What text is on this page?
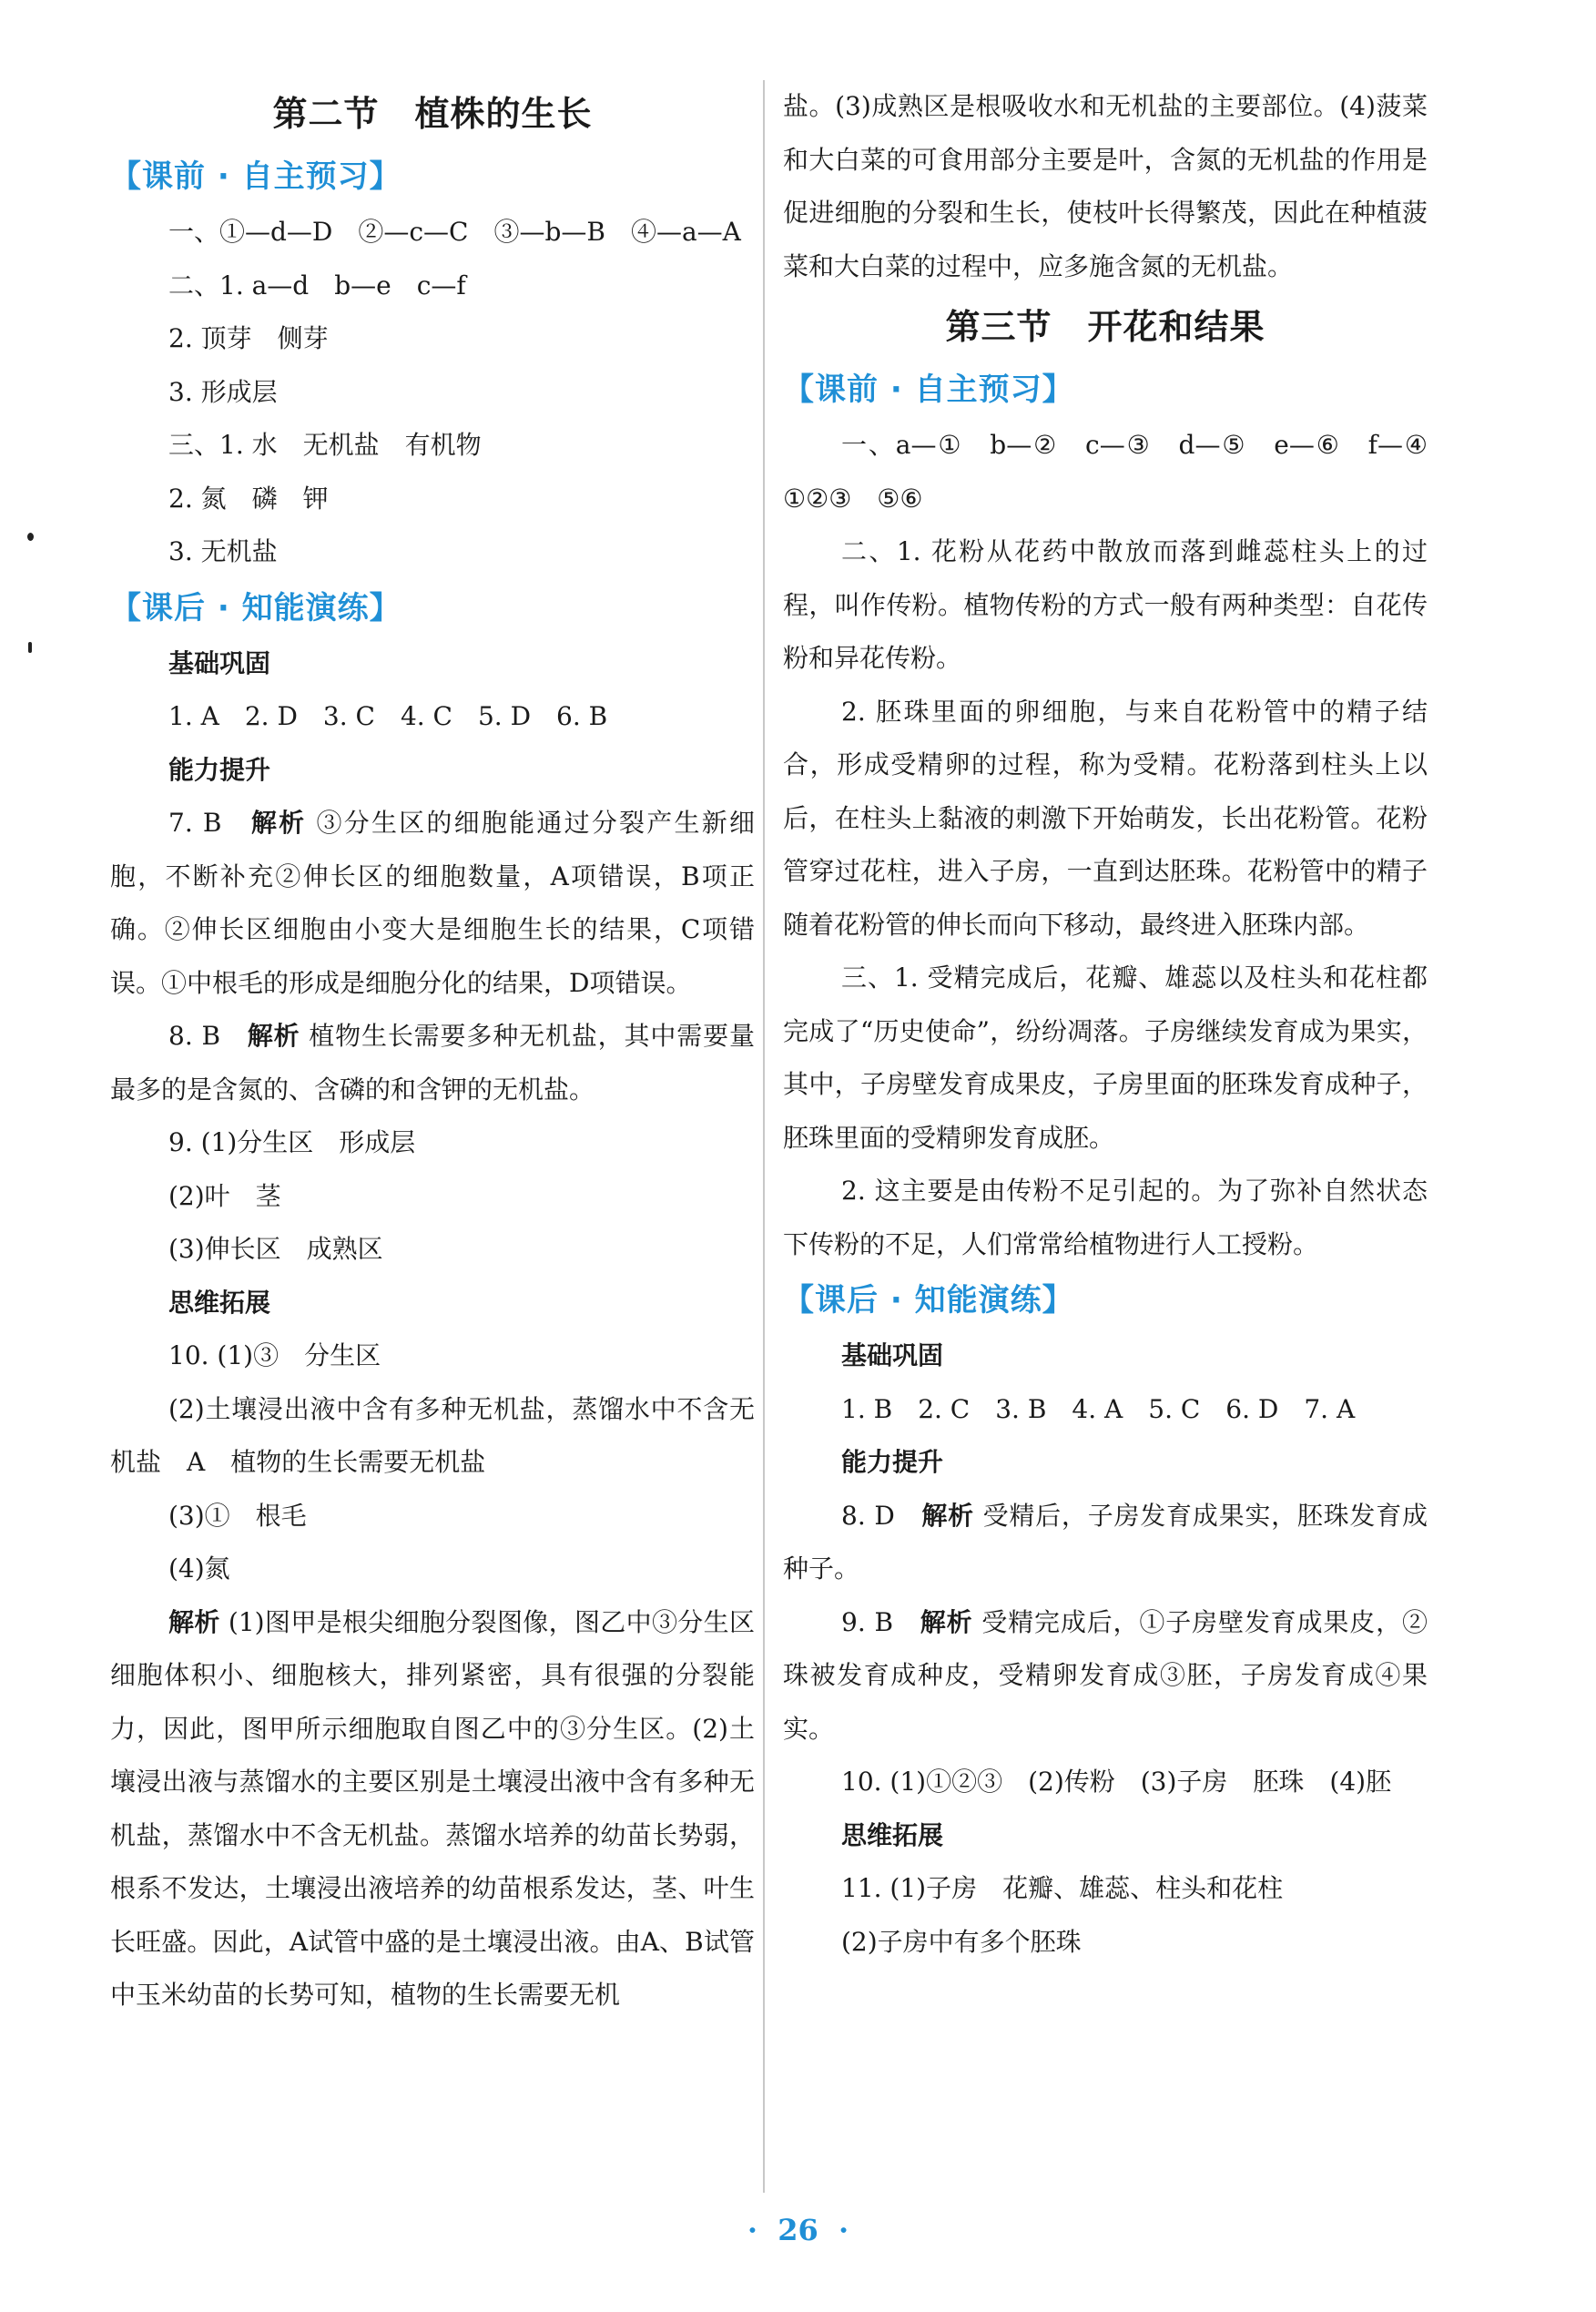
第二节　植株的生长
【课前 · 自主预习】
一、①—d—D　②—c—C　③—b—B　④—a—A
二、1. a—d　b—e　c—f
2. 顶芽　侧芽
3. 形成层
三、1. 水　无机盐　有机物
2. 氮　磷　钾
3. 无机盐
【课后 · 知能演练】
基础巩固
1. A　2. D　3. C　4. C　5. D　6. B
能力提升
7. B　解析 ③分生区的细胞能通过分裂产生新细胞，不断补充②伸长区的细胞数量，A项错误，B项正确。②伸长区细胞由小变大是细胞生长的结果，C项错误。①中根毛的形成是细胞分化的结果，D项错误。
8. B　解析 植物生长需要多种无机盐，其中需要量最多的是含氮的、含磷的和含钾的无机盐。
9. (1)分生区　形成层
(2)叶　茎
(3)伸长区　成熟区
思维拓展
10. (1)③　分生区
(2)土壤浸出液中含有多种无机盐，蒸馏水中不含无机盐　A　植物的生长需要无机盐
(3)①　根毛
(4)氮
解析 (1)图甲是根尖细胞分裂图像，图乙中③分生区细胞体积小、细胞核大，排列紧密，具有很强的分裂能力，因此，图甲所示细胞取自图乙中的③分生区。(2)土壤浸出液与蒸馏水的主要区别是土壤浸出液中含有多种无机盐，蒸馏水中不含无机盐。蒸馏水培养的幼苗长势弱，根系不发达，土壤浸出液培养的幼苗根系发达，茎、叶生长旺盛。因此，A试管中盛的是土壤浸出液。由A、B试管中玉米幼苗的长势可知，植物的生长需要无机
盐。(3)成熟区是根吸收水和无机盐的主要部位。(4)菠菜和大白菜的可食用部分主要是叶，含氮的无机盐的作用是促进细胞的分裂和生长，使枝叶长得繁茂，因此在种植菠菜和大白菜的过程中，应多施含氮的无机盐。
第三节　开花和结果
【课前 · 自主预习】
一、a—①　b—②　c—③　d—⑤　e—⑥　f—④　①②③　⑤⑥
二、1. 花粉从花药中散放而落到雌蕊柱头上的过程，叫作传粉。植物传粉的方式一般有两种类型：自花传粉和异花传粉。
2. 胚珠里面的卵细胞，与来自花粉管中的精子结合，形成受精卵的过程，称为受精。花粉落到柱头上以后，在柱头上黏液的刺激下开始萌发，长出花粉管。花粉管穿过花柱，进入子房，一直到达胚珠。花粉管中的精子随着花粉管的伸长而向下移动，最终进入胚珠内部。
三、1. 受精完成后，花瓣、雄蕊以及柱头和花柱都完成了“历史使命”，纷纷凋落。子房继续发育成为果实，其中，子房壁发育成果皮，子房里面的胚珠发育成种子，胚珠里面的受精卵发育成胚。
2. 这主要是由传粉不足引起的。为了弥补自然状态下传粉的不足，人们常常给植物进行人工授粉。
【课后 · 知能演练】
基础巩固
1. B　2. C　3. B　4. A　5. C　6. D　7. A
能力提升
8. D　解析 受精后，子房发育成果实，胚珠发育成种子。
9. B　解析 受精完成后，①子房壁发育成果皮，②珠被发育成种皮，受精卵发育成③胚，子房发育成④果实。
10. (1)①②③　(2)传粉　(3)子房　胚珠　(4)胚
思维拓展
11. (1)子房　花瓣、雄蕊、柱头和花柱
(2)子房中有多个胚珠
·  26  ·
